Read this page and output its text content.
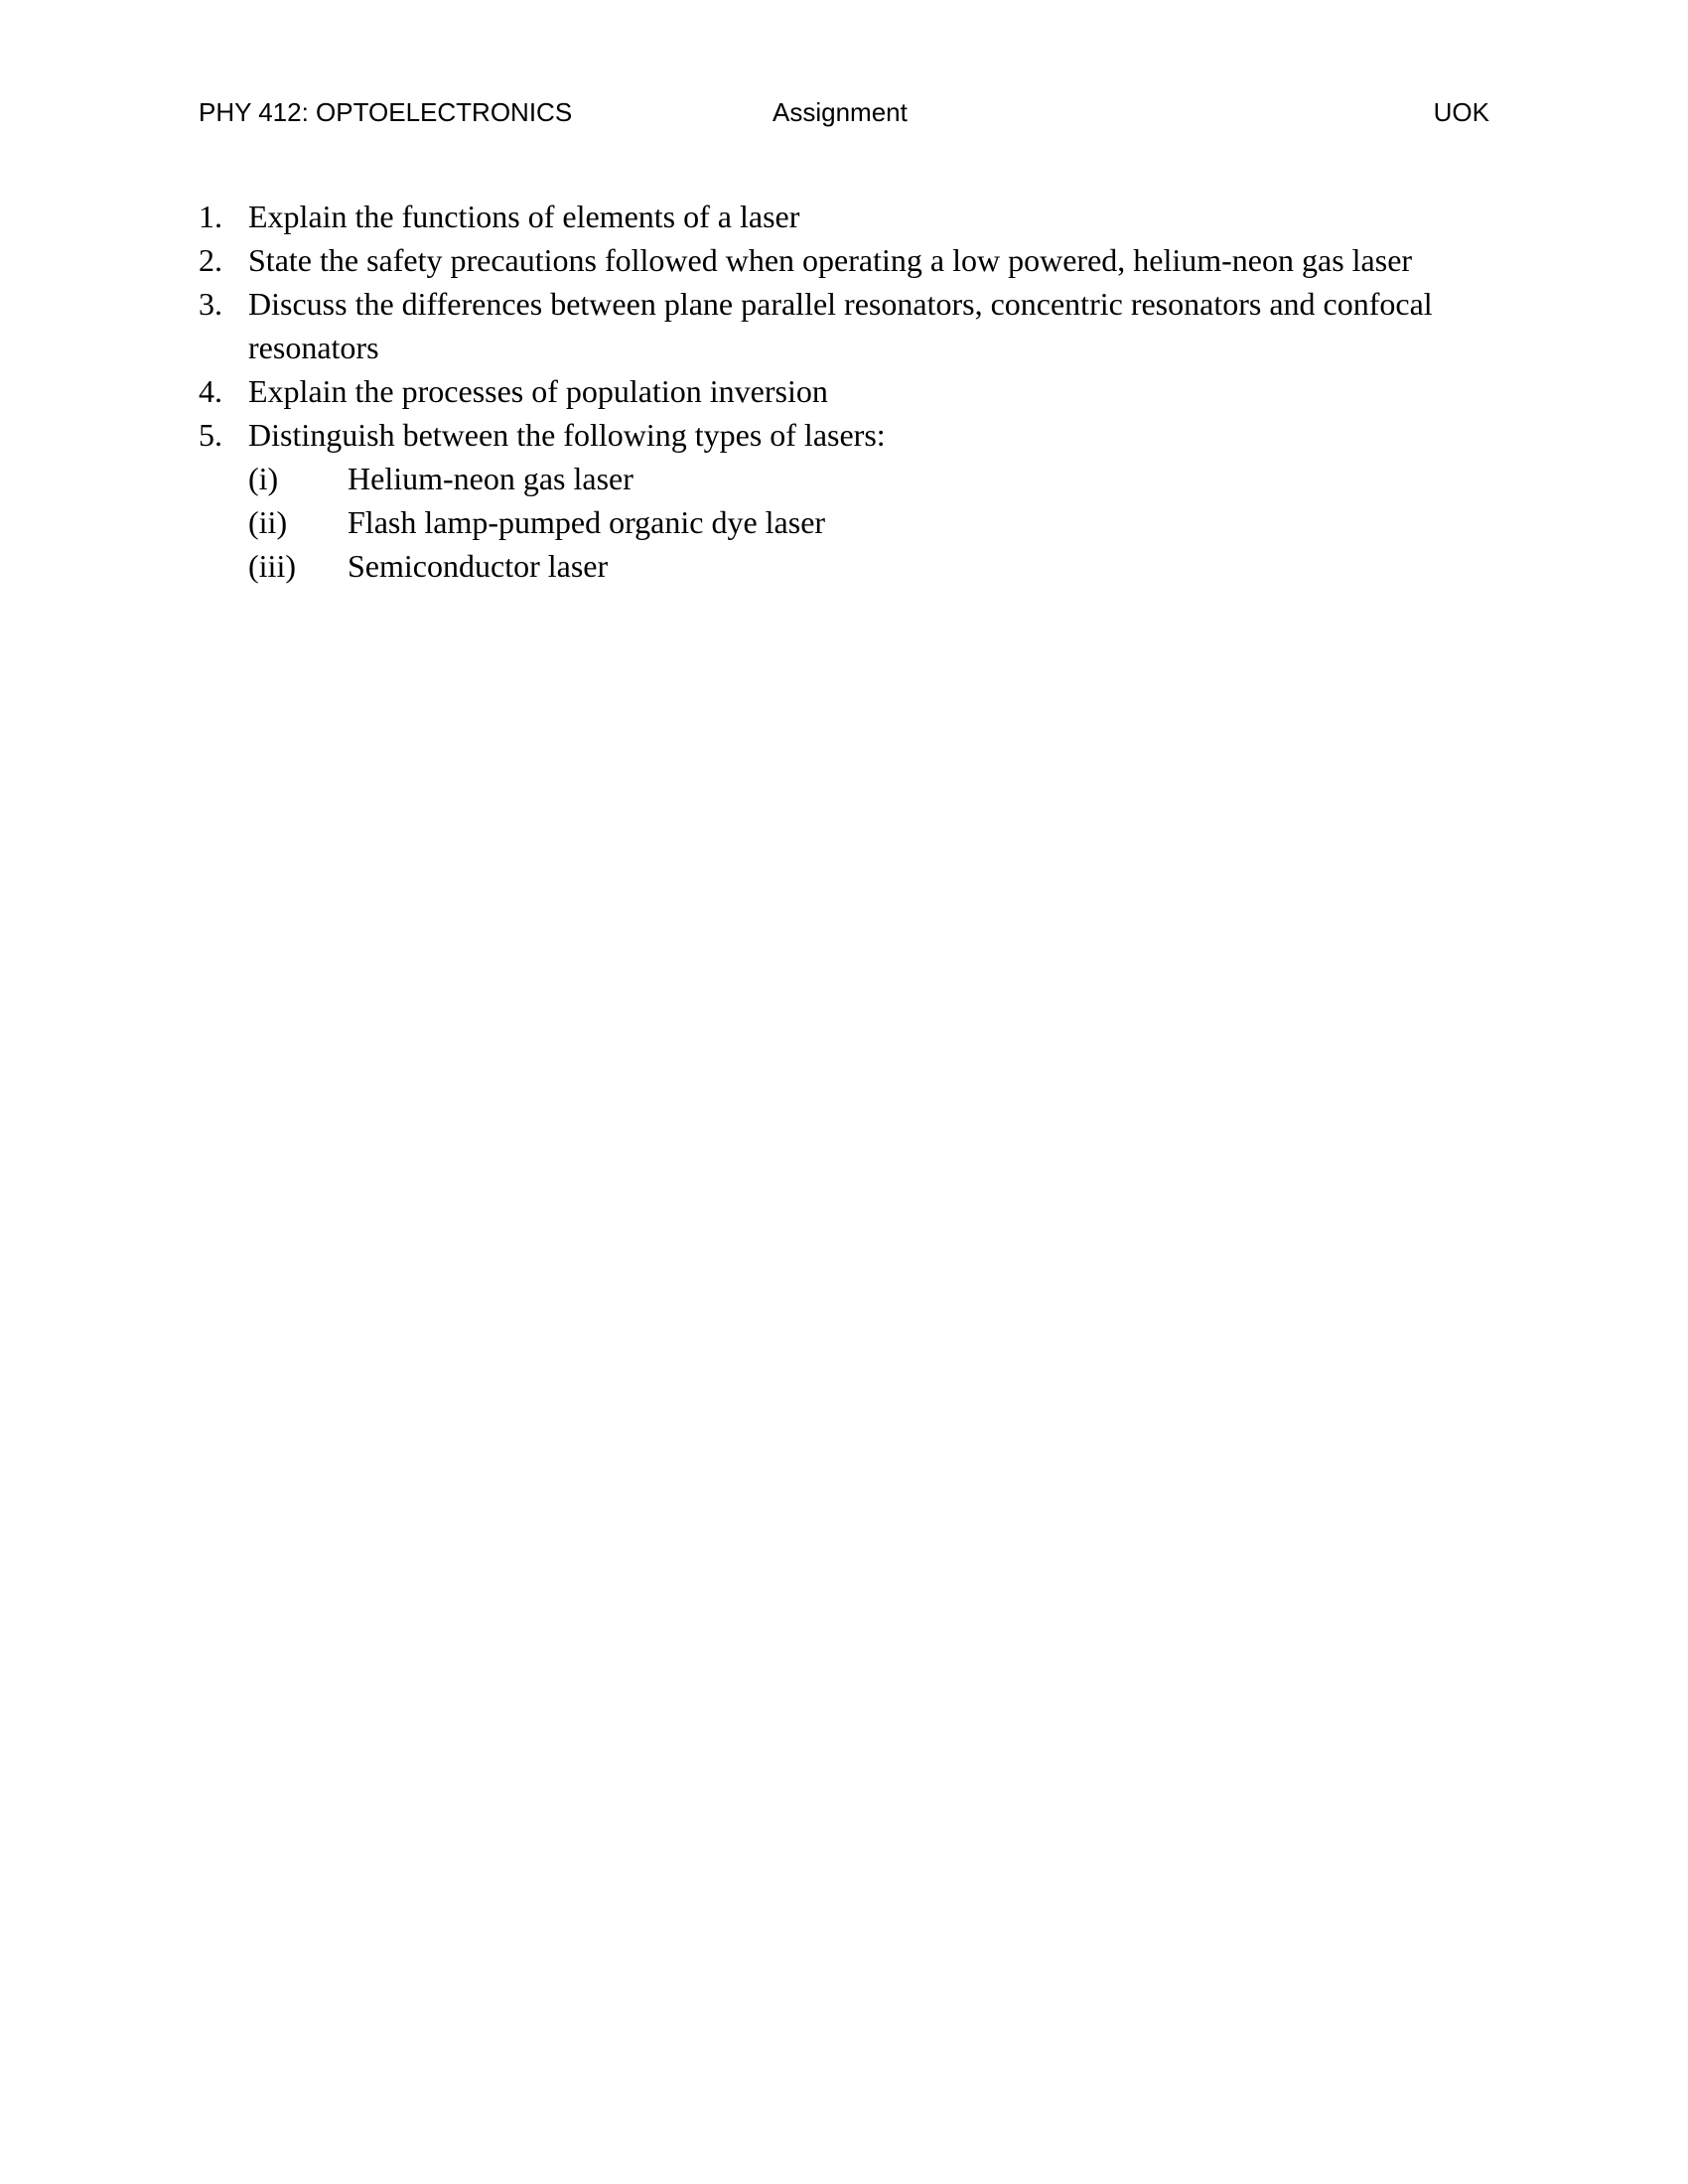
PHY 412: OPTOELECTRONICS	Assignment	UOK
1. Explain the functions of elements of a laser
2. State the safety precautions followed when operating a low powered, helium-neon gas laser
3. Discuss the differences between plane parallel resonators, concentric resonators and confocal resonators
4. Explain the processes of population inversion
5. Distinguish between the following types of lasers:
(i)	Helium-neon gas laser
(ii)	Flash lamp-pumped organic dye laser
(iii)	Semiconductor laser
